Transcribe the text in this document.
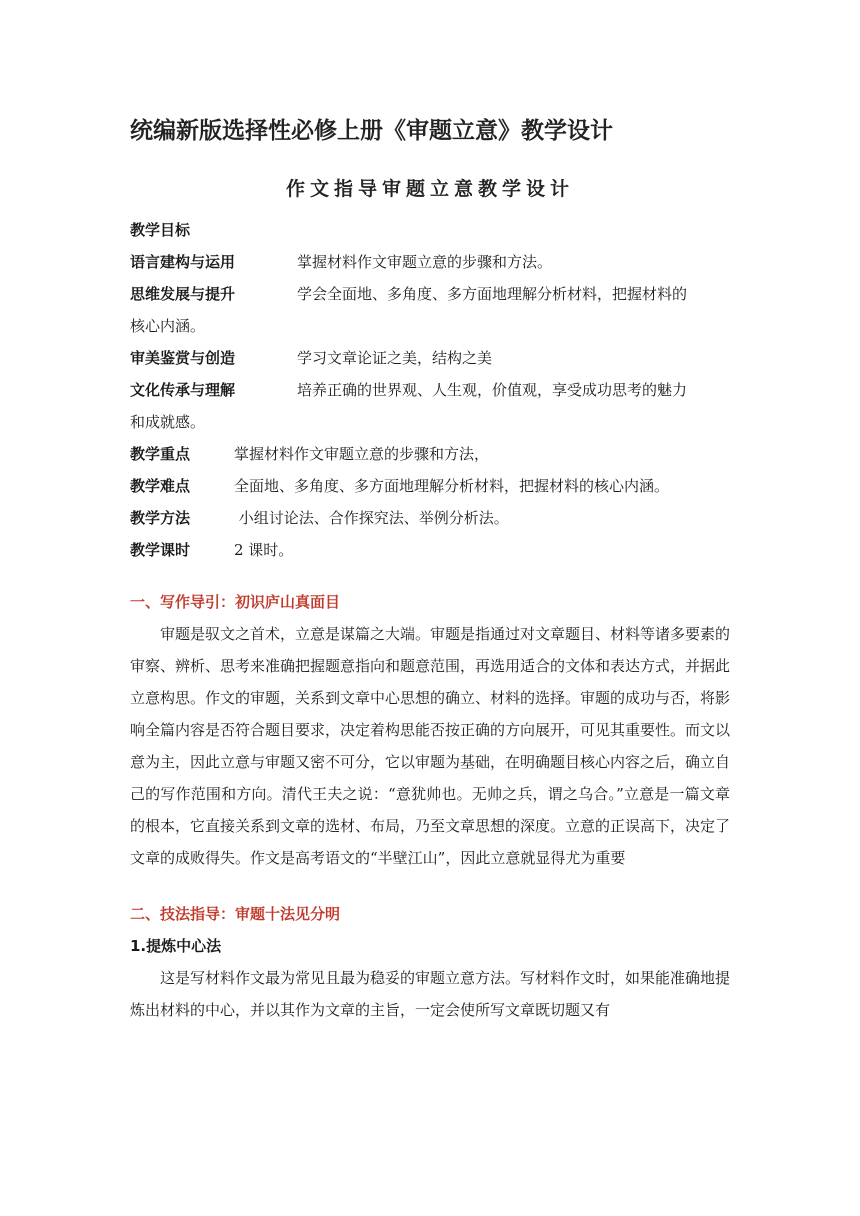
统编新版选择性必修上册《审题立意》教学设计
作文指导审题立意教学设计
教学目标
语言建构与运用	掌握材料作文审题立意的步骤和方法。
思维发展与提升	学会全面地、多角度、多方面地理解分析材料，把握材料的
核心内涵。
审美鉴赏与创造	学习文章论证之美，结构之美
文化传承与理解	培养正确的世界观、人生观，价值观，享受成功思考的魅力
和成就感。
教学重点	掌握材料作文审题立意的步骤和方法，
教学难点	全面地、多角度、多方面地理解分析材料，把握材料的核心内涵。
教学方法	小组讨论法、合作探究法、举例分析法。
教学课时	2 课时。
一、写作导引：初识庐山真面目
审题是驭文之首术，立意是谋篇之大端。审题是指通过对文章题目、材料等诸多要素的审察、辨析、思考来准确把握题意指向和题意范围，再选用适合的文体和表达方式，并据此立意构思。作文的审题，关系到文章中心思想的确立、材料的选择。审题的成功与否，将影响全篇内容是否符合题目要求，决定着构思能否按正确的方向展开，可见其重要性。而文以意为主，因此立意与审题又密不可分，它以审题为基础，在明确题目核心内容之后，确立自己的写作范围和方向。清代王夫之说：“意犹帅也。无帅之兵，谓之乌合。”立意是一篇文章的根本，它直接关系到文章的选材、布局，乃至文章思想的深度。立意的正误高下，决定了文章的成败得失。作文是高考语文的“半壁江山”，因此立意就显得尤为重要
二、技法指导：审题十法见分明
1.提炼中心法
这是写材料作文最为常见且最为稳妥的审题立意方法。写材料作文时，如果能准确地提炼出材料的中心，并以其作为文章的主旨，一定会使所写文章既切题又有
